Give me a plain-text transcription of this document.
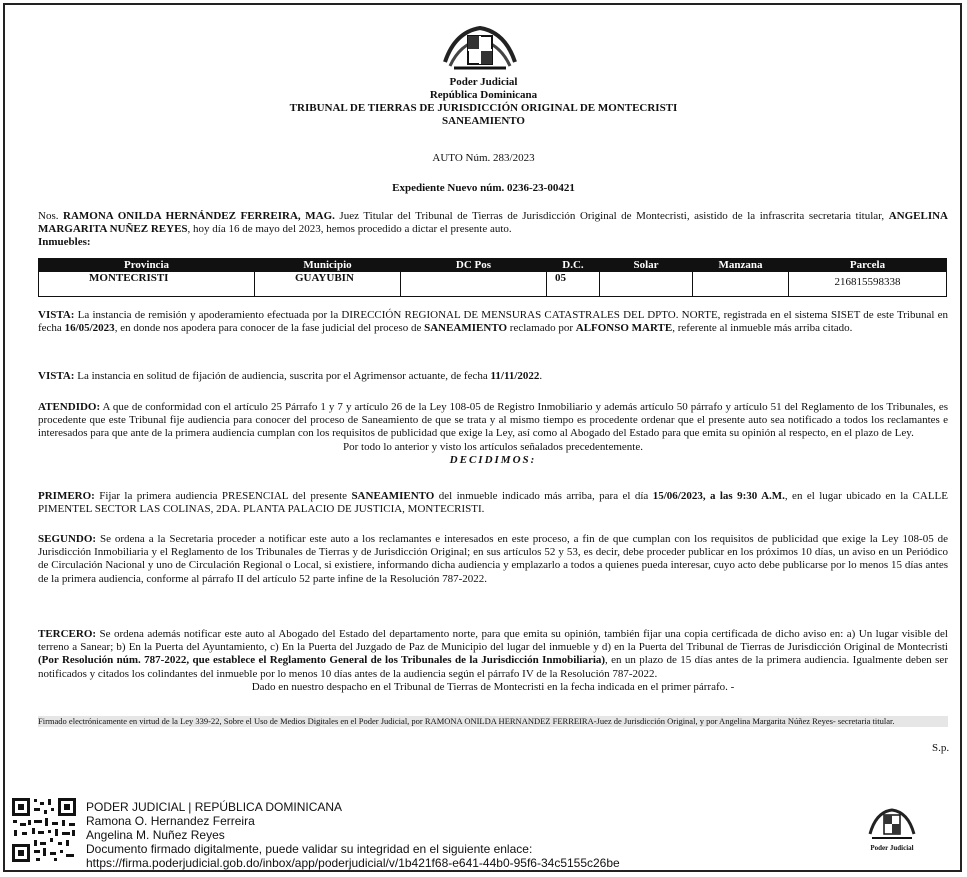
Poder Judicial
República Dominicana
TRIBUNAL DE TIERRAS DE JURISDICCIÓN ORIGINAL DE MONTECRISTI
SANEAMIENTO
AUTO Núm. 283/2023
Expediente Nuevo núm. 0236-23-00421
Nos. RAMONA ONILDA HERNÁNDEZ FERREIRA, MAG. Juez Titular del Tribunal de Tierras de Jurisdicción Original de Montecristi, asistido de la infrascrita secretaria titular, ANGELINA MARGARITA NUÑEZ REYES, hoy día 16 de mayo del 2023, hemos procedido a dictar el presente auto.
Inmuebles:
Provincia	Municipio	DC Pos	D.C.	Solar	Manzana	Parcela
MONTECRISTI	GUAYUBIN		05			216815598338
VISTA: La instancia de remisión y apoderamiento efectuada por la DIRECCIÓN REGIONAL DE MENSURAS CATASTRALES DEL DPTO. NORTE, registrada en el sistema SISET de este Tribunal en fecha 16/05/2023, en donde nos apodera para conocer de la fase judicial del proceso de SANEAMIENTO reclamado por ALFONSO MARTE, referente al inmueble más arriba citado.
VISTA: La instancia en solitud de fijación de audiencia, suscrita por el Agrimensor actuante, de fecha 11/11/2022.
ATENDIDO: A que de conformidad con el artículo 25 Párrafo 1 y 7 y artículo 26 de la Ley 108-05 de Registro Inmobiliario y además artículo 50 párrafo y artículo 51 del Reglamento de los Tribunales, es procedente que este Tribunal fije audiencia para conocer del proceso de Saneamiento de que se trata y al mismo tiempo es procedente ordenar que el presente auto sea notificado a todos los reclamantes e interesados para que ante de la primera audiencia cumplan con los requisitos de publicidad que exige la Ley, así como al Abogado del Estado para que emita su opinión al respecto, en el plazo de Ley.
Por todo lo anterior y visto los artículos señalados precedentemente.
DECIDIMOS:
PRIMERO: Fijar la primera audiencia PRESENCIAL del presente SANEAMIENTO del inmueble indicado más arriba, para el día 15/06/2023, a las 9:30 A.M., en el lugar ubicado en la CALLE PIMENTEL SECTOR LAS COLINAS, 2DA. PLANTA PALACIO DE JUSTICIA, MONTECRISTI.
SEGUNDO: Se ordena a la Secretaria proceder a notificar este auto a los reclamantes e interesados en este proceso, a fin de que cumplan con los requisitos de publicidad que exige la Ley 108-05 de Jurisdicción Inmobiliaria y el Reglamento de los Tribunales de Tierras y de Jurisdicción Original; en sus artículos 52 y 53, es decir, debe proceder publicar en los próximos 10 días, un aviso en un Periódico de Circulación Nacional y uno de Circulación Regional o Local, si existiere, informando dicha audiencia y emplazarlo a todos a quienes pueda interesar, cuyo acto debe publicarse por lo menos 15 días antes de la primera audiencia, conforme al párrafo II del artículo 52 parte infine de la Resolución 787-2022.
TERCERO: Se ordena además notificar este auto al Abogado del Estado del departamento norte, para que emita su opinión, también fijar una copia certificada de dicho aviso en: a) Un lugar visible del terreno a Sanear; b) En la Puerta del Ayuntamiento, c) En la Puerta del Juzgado de Paz de Municipio del lugar del inmueble y d) en la Puerta del Tribunal de Tierras de Jurisdicción Original de Montecristi (Por Resolución núm. 787-2022, que establece el Reglamento General de los Tribunales de la Jurisdicción Inmobiliaria), en un plazo de 15 días antes de la primera audiencia. Igualmente deben ser notificados y citados los colindantes del inmueble por lo menos 10 días antes de la audiencia según el párrafo IV de la Resolución 787-2022.
Dado en nuestro despacho en el Tribunal de Tierras de Montecristi en la fecha indicada en el primer párrafo. -
Firmado electrónicamente en virtud de la Ley 339-22, Sobre el Uso de Medios Digitales en el Poder Judicial, por RAMONA ONILDA HERNANDEZ FERREIRA-Juez de Jurisdicción Original, y por Angelina Margarita Núñez Reyes- secretaria titular.
S.p.
PODER JUDICIAL | REPÚBLICA DOMINICANA
Ramona O. Hernandez Ferreira
Angelina M. Nuñez Reyes
Documento firmado digitalmente, puede validar su integridad en el siguiente enlace:
https://firma.poderjudicial.gob.do/inbox/app/poderjudicial/v/1b421f68-e641-44b0-95f6-34c5155c26be
Poder Judicial
